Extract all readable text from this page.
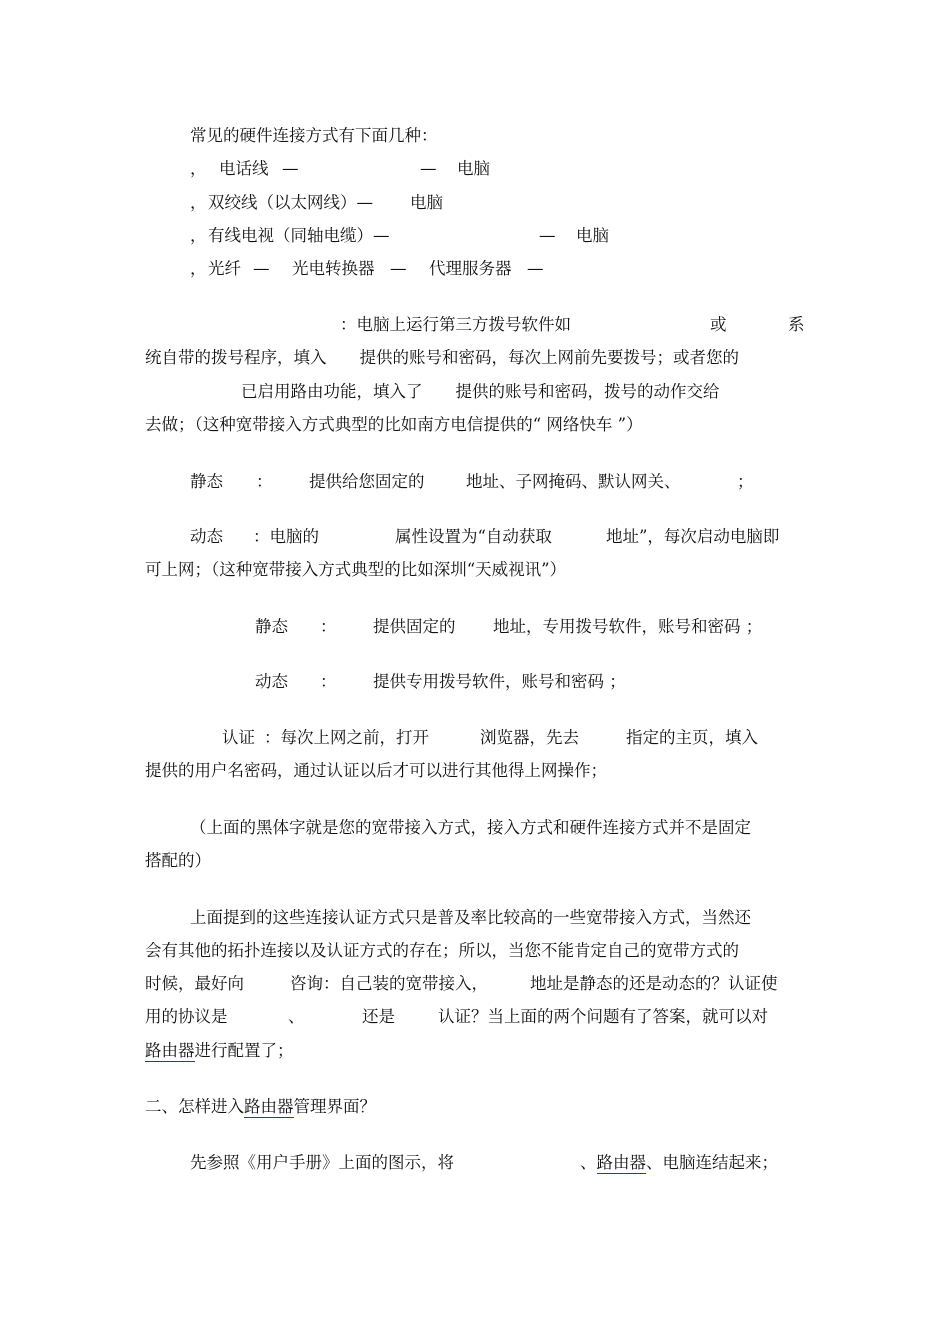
常见的硬件连接方式有下面几种：
， 电话线 —	— 电脑
， 双绞线（以太网线）— 电脑
， 有线电视（同轴电缆）—	— 电脑
， 光纤 — 光电转换器 — 代理服务器 —
：电脑上运行第三方拨号软件如	或	系
统自带的拨号程序，填入　　提供的账号和密码，每次上网前先要拨号；或者您的
已启用路由功能，填入了　　提供的账号和密码，拨号的动作交给
去做；（这种宽带接入方式典型的比如南方电信提供的“ 网络快车 ”）
静态 ： 提供给您固定的	地址、子网掩码、默认网关、	；
动态 ：电脑的	属性设置为“自动获取	地址”，每次启动电脑即
可上网；（这种宽带接入方式典型的比如深圳“天威视讯”）
静态 ： 提供固定的 地址，专用拨号软件，账号和密码 ；
动态 ： 提供专用拨号软件，账号和密码 ；
认证 ：每次上网之前，打开	浏览器，先去	指定的主页，填入
提供的用户名密码，通过认证以后才可以进行其他得上网操作；
（上面的黑体字就是您的宽带接入方式，接入方式和硬件连接方式并不是固定
搭配的）
上面提到的这些连接认证方式只是普及率比较高的一些宽带接入方式，当然还
会有其他的拓扑连接以及认证方式的存在；所以，当您不能肯定自己的宽带方式的
时候，最好向	咨询：自己装的宽带接入，	地址是静态的还是动态的？认证使
用的协议是	、	还是	认证？当上面的两个问题有了答案，就可以对
路由器进行配置了；
二、怎样进入路由器管理界面？
先参照《用户手册》上面的图示，将	、路由器、电脑连结起来；
